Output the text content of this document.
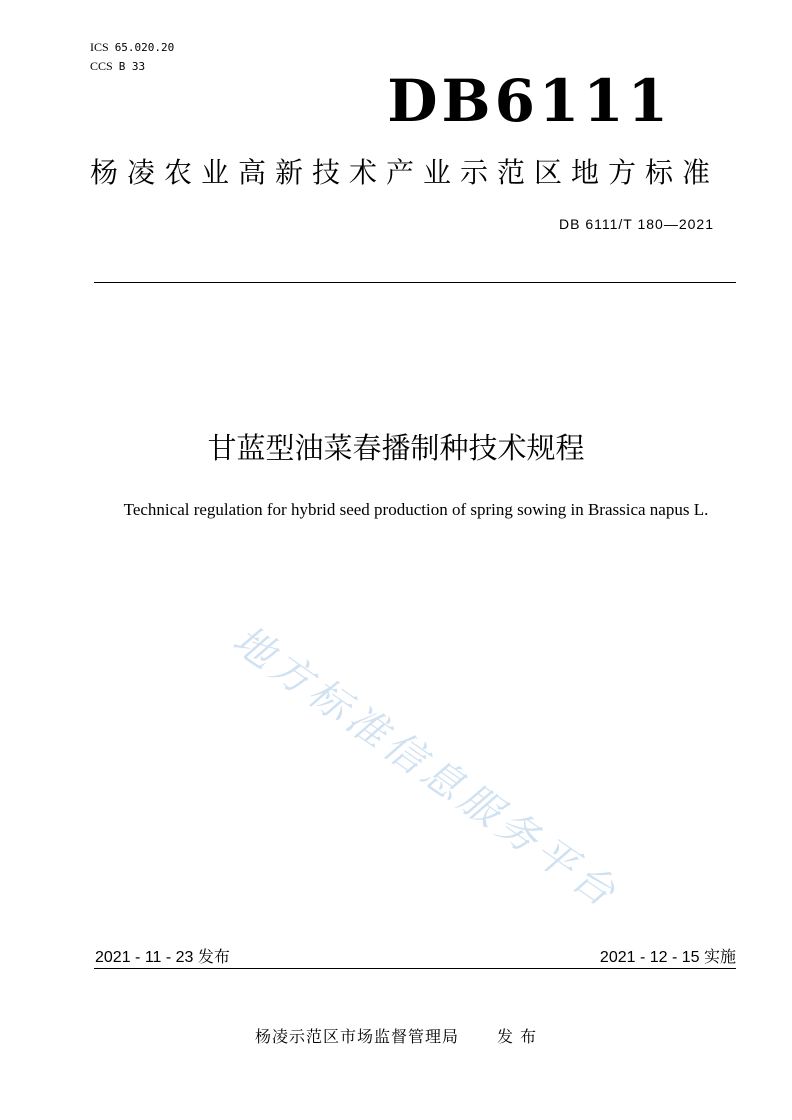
ICS 65.020.20
CCS B 33
DB6111
杨凌农业高新技术产业示范区地方标准
DB 6111/T 180—2021
甘蓝型油菜春播制种技术规程
Technical regulation for hybrid seed production of spring sowing in Brassica napus L.
地方标准信息服务平台
2021 - 11 - 23 发布	2021 - 12 - 15 实施
杨凌示范区市场监督管理局 发 布
